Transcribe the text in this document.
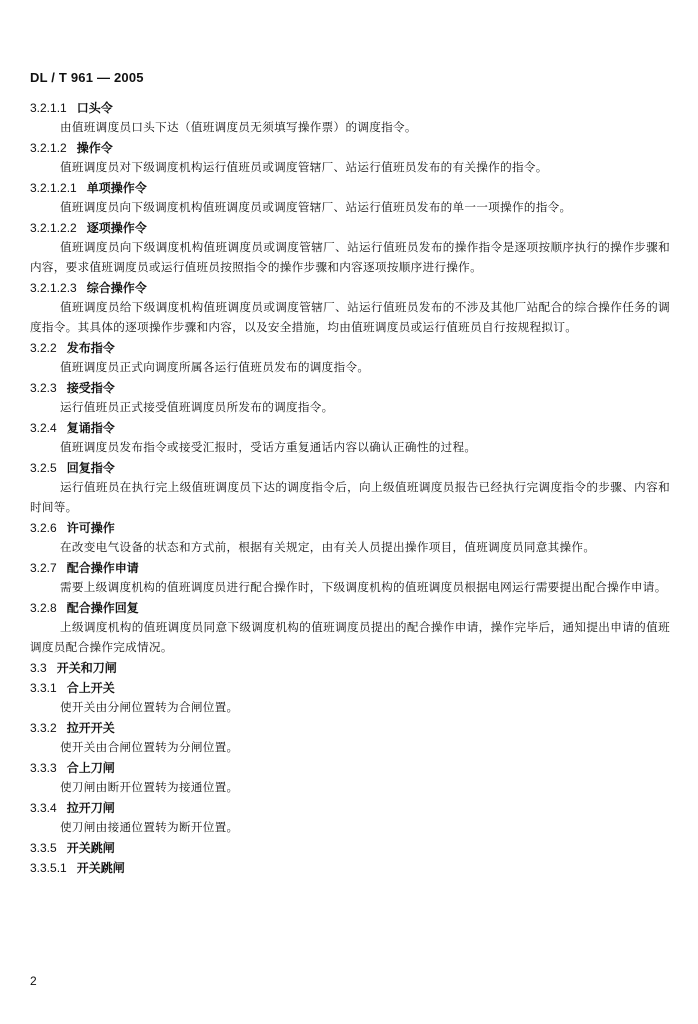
DL / T 961 — 2005
3.2.1.1 口头令
由值班调度员口头下达（值班调度员无须填写操作票）的调度指令。
3.2.1.2 操作令
值班调度员对下级调度机构运行值班员或调度管辖厂、站运行值班员发布的有关操作的指令。
3.2.1.2.1 单项操作令
值班调度员向下级调度机构值班调度员或调度管辖厂、站运行值班员发布的单一一项操作的指令。
3.2.1.2.2 逐项操作令
值班调度员向下级调度机构值班调度员或调度管辖厂、站运行值班员发布的操作指令是逐项按顺序执行的操作步骤和内容，要求值班调度员或运行值班员按照指令的操作步骤和内容逐项按顺序进行操作。
3.2.1.2.3 综合操作令
值班调度员给下级调度机构值班调度员或调度管辖厂、站运行值班员发布的不涉及其他厂站配合的综合操作任务的调度指令。其具体的逐项操作步骤和内容，以及安全措施，均由值班调度员或运行值班员自行按规程拟订。
3.2.2 发布指令
值班调度员正式向调度所属各运行值班员发布的调度指令。
3.2.3 接受指令
运行值班员正式接受值班调度员所发布的调度指令。
3.2.4 复诵指令
值班调度员发布指令或接受汇报时，受话方重复通话内容以确认正确性的过程。
3.2.5 回复指令
运行值班员在执行完上级值班调度员下达的调度指令后，向上级值班调度员报告已经执行完调度指令的步骤、内容和时间等。
3.2.6 许可操作
在改变电气设备的状态和方式前，根据有关规定，由有关人员提出操作项目，值班调度员同意其操作。
3.2.7 配合操作申请
需要上级调度机构的值班调度员进行配合操作时，下级调度机构的值班调度员根据电网运行需要提出配合操作申请。
3.2.8 配合操作回复
上级调度机构的值班调度员同意下级调度机构的值班调度员提出的配合操作申请，操作完毕后，通知提出申请的值班调度员配合操作完成情况。
3.3 开关和刀闸
3.3.1 合上开关
使开关由分闸位置转为合闸位置。
3.3.2 拉开开关
使开关由合闸位置转为分闸位置。
3.3.3 合上刀闸
使刀闸由断开位置转为接通位置。
3.3.4 拉开刀闸
使刀闸由接通位置转为断开位置。
3.3.5 开关跳闸
3.3.5.1 开关跳闸
2
